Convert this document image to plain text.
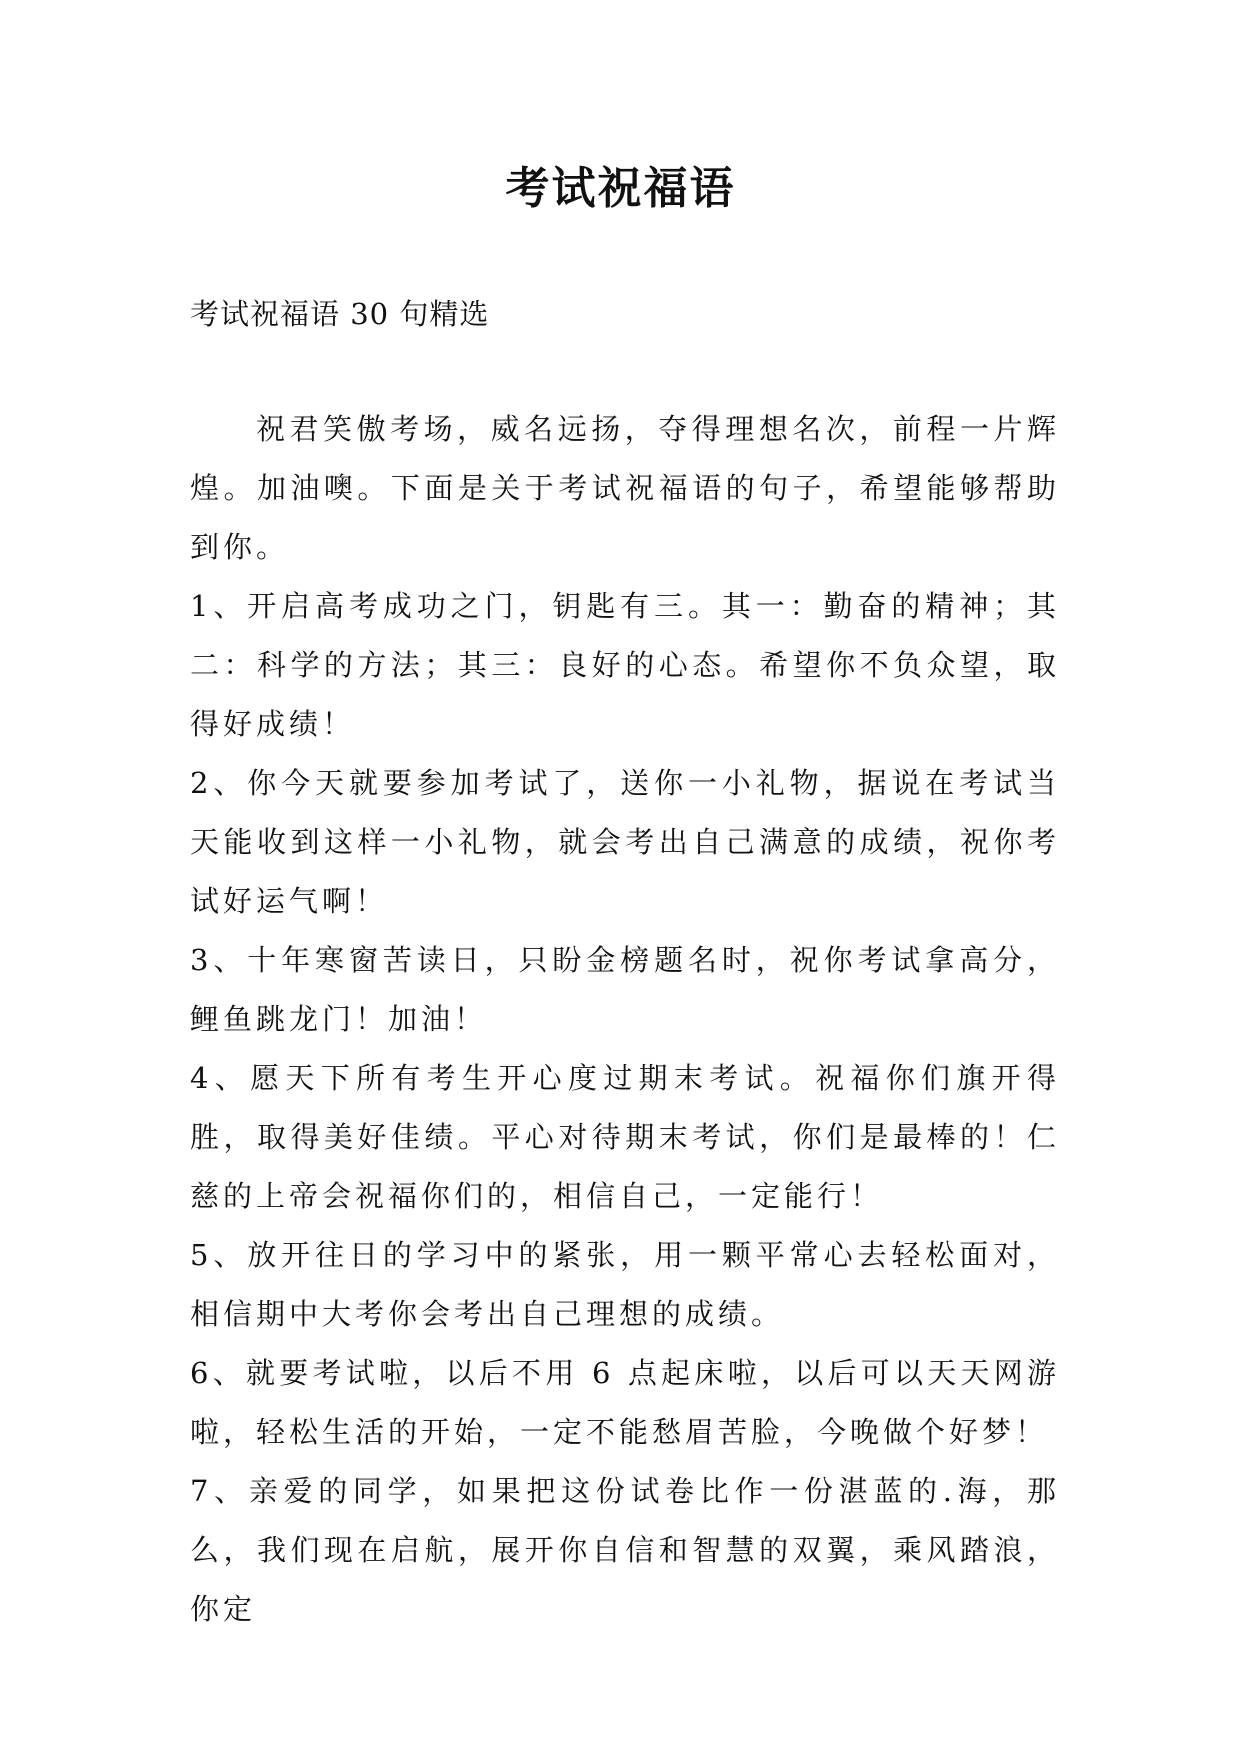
考试祝福语

考试祝福语 30 句精选

祝君笑傲考场，威名远扬，夺得理想名次，前程一片辉煌。加油噢。下面是关于考试祝福语的句子，希望能够帮助到你。

1、开启高考成功之门，钥匙有三。其一：勤奋的精神；其二：科学的方法；其三：良好的心态。希望你不负众望，取得好成绩！

2、你今天就要参加考试了，送你一小礼物，据说在考试当天能收到这样一小礼物，就会考出自己满意的成绩，祝你考试好运气啊！

3、十年寒窗苦读日，只盼金榜题名时，祝你考试拿高分，鲤鱼跳龙门！加油！

4、愿天下所有考生开心度过期末考试。祝福你们旗开得胜，取得美好佳绩。平心对待期末考试，你们是最棒的！仁慈的上帝会祝福你们的，相信自己，一定能行！

5、放开往日的学习中的紧张，用一颗平常心去轻松面对，相信期中大考你会考出自己理想的成绩。

6、就要考试啦，以后不用 6 点起床啦，以后可以天天网游啦，轻松生活的开始，一定不能愁眉苦脸，今晚做个好梦！

7、亲爱的同学，如果把这份试卷比作一份湛蓝的.海，那么，我们现在启航，展开你自信和智慧的双翼，乘风踏浪，你定
